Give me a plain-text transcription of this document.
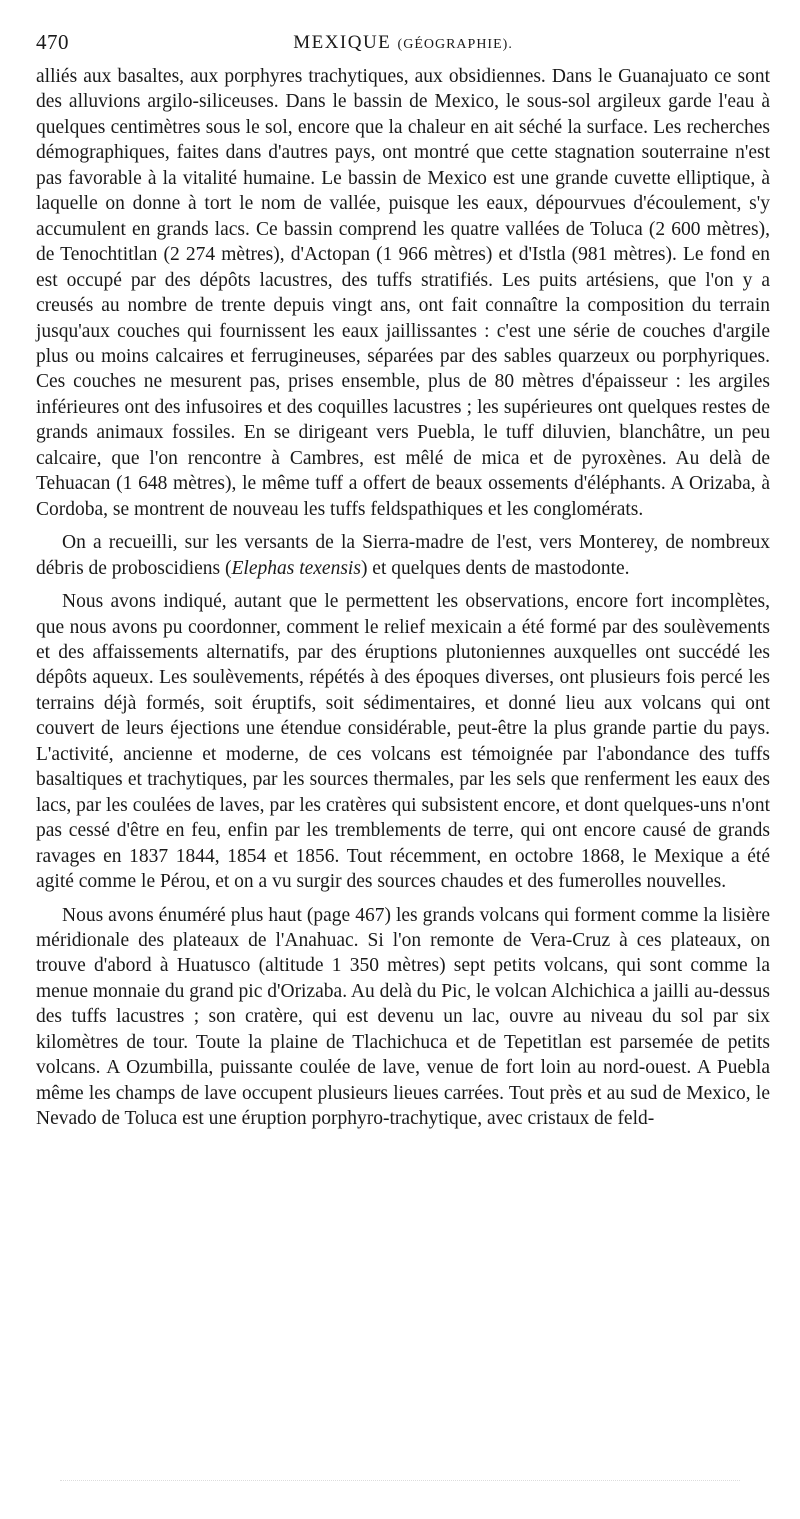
470	MEXIQUE (GÉOGRAPHIE).

alliés aux basaltes, aux porphyres trachytiques, aux obsidiennes. Dans le Guanajuato ce sont des alluvions argilo-siliceuses. Dans le bassin de Mexico, le sous-sol argileux garde l'eau à quelques centimètres sous le sol, encore que la chaleur en ait séché la surface. Les recherches démographiques, faites dans d'autres pays, ont montré que cette stagnation souterraine n'est pas favorable à la vitalité humaine. Le bassin de Mexico est une grande cuvette elliptique, à laquelle on donne à tort le nom de vallée, puisque les eaux, dépourvues d'écoulement, s'y accumulent en grands lacs. Ce bassin comprend les quatre vallées de Toluca (2 600 mètres), de Tenochtitlan (2 274 mètres), d'Actopan (1 966 mètres) et d'Istla (981 mètres). Le fond en est occupé par des dépôts lacustres, des tuffs stratifiés. Les puits artésiens, que l'on y a creusés au nombre de trente depuis vingt ans, ont fait connaître la composition du terrain jusqu'aux couches qui fournissent les eaux jaillissantes : c'est une série de couches d'argile plus ou moins calcaires et ferrugineuses, séparées par des sables quarzeux ou porphyriques. Ces couches ne mesurent pas, prises ensemble, plus de 80 mètres d'épaisseur : les argiles inférieures ont des infusoires et des coquilles lacustres ; les supérieures ont quelques restes de grands animaux fossiles. En se dirigeant vers Puebla, le tuff diluvien, blanchâtre, un peu calcaire, que l'on rencontre à Cambres, est mêlé de mica et de pyroxènes. Au delà de Tehuacan (1 648 mètres), le même tuff a offert de beaux ossements d'éléphants. A Orizaba, à Cordoba, se montrent de nouveau les tuffs feldspathiques et les conglomérats.

On a recueilli, sur les versants de la Sierra-madre de l'est, vers Monterey, de nombreux débris de proboscidiens (Elephas texensis) et quelques dents de mastodonte.

Nous avons indiqué, autant que le permettent les observations, encore fort incomplètes, que nous avons pu coordonner, comment le relief mexicain a été formé par des soulèvements et des affaissements alternatifs, par des éruptions plutoniennes auxquelles ont succédé les dépôts aqueux. Les soulèvements, répétés à des époques diverses, ont plusieurs fois percé les terrains déjà formés, soit éruptifs, soit sédimentaires, et donné lieu aux volcans qui ont couvert de leurs éjections une étendue considérable, peut-être la plus grande partie du pays. L'activité, ancienne et moderne, de ces volcans est témoignée par l'abondance des tuffs basaltiques et trachytiques, par les sources thermales, par les sels que renferment les eaux des lacs, par les coulées de laves, par les cratères qui subsistent encore, et dont quelques-uns n'ont pas cessé d'être en feu, enfin par les tremblements de terre, qui ont encore causé de grands ravages en 1837 1844, 1854 et 1856. Tout récemment, en octobre 1868, le Mexique a été agité comme le Pérou, et on a vu surgir des sources chaudes et des fumerolles nouvelles.

Nous avons énuméré plus haut (page 467) les grands volcans qui forment comme la lisière méridionale des plateaux de l'Anahuac. Si l'on remonte de Vera-Cruz à ces plateaux, on trouve d'abord à Huatusco (altitude 1 350 mètres) sept petits volcans, qui sont comme la menue monnaie du grand pic d'Orizaba. Au delà du Pic, le volcan Alchichica a jailli au-dessus des tuffs lacustres ; son cratère, qui est devenu un lac, ouvre au niveau du sol par six kilomètres de tour. Toute la plaine de Tlachichuca et de Tepetitlan est parsemée de petits volcans. A Ozumbilla, puissante coulée de lave, venue de fort loin au nord-ouest. A Puebla même les champs de lave occupent plusieurs lieues carrées. Tout près et au sud de Mexico, le Nevado de Toluca est une éruption porphyro-trachytique, avec cristaux de feld-
